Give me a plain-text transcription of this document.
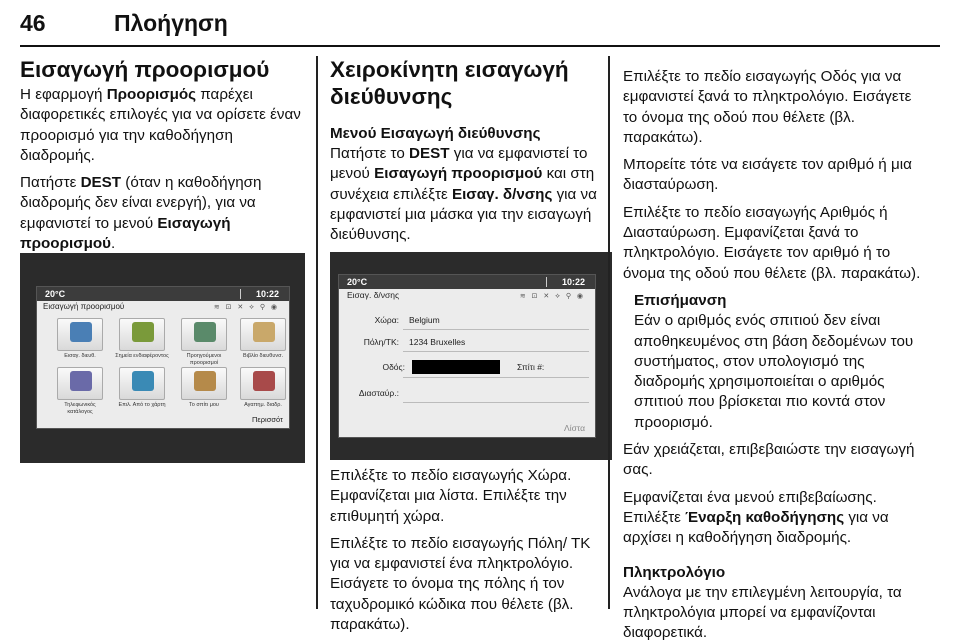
46	Πλοήγηση
Εισαγωγή προορισμού

Η εφαρμογή Προορισμός παρέχει διαφορετικές επιλογές για να ορίσετε έναν προορισμό για την καθοδήγηση διαδρομής.

Πατήστε DEST (όταν η καθοδήγηση διαδρομής δεν είναι ενεργή), για να εμφανιστεί το μενού Εισαγωγή προορισμού.

20°C	10:22
Εισαγωγή προορισμού	≋ ⊡ ✕ ⟡ ⚲ ◉
Εισαγ. διευθ.	Σημεία ενδιαφέροντος	Προηγούμενοι προορισμοί
Βιβλίο διευθυνσ.
Τηλεφωνικός κατάλογος
Επιλ. Από το χάρτη	Το σπίτι μου	Αγαπημ. διαδρ.
Περισσότ
Χειροκίνητη εισαγωγή διεύθυνσης
Μενού Εισαγωγή διεύθυνσης

Πατήστε το DEST για να εμφανιστεί το μενού Εισαγωγή προορισμού και στη συνέχεια επιλέξτε Εισαγ. δ/νσης για να εμφανιστεί μια μάσκα για την εισαγωγή διεύθυνσης.

20°C	10:22
Εισαγ. δ/νσης	≋ ⊡ ✕ ⟡ ⚲ ◉
Χώρα: Belgium
Πόλη/ΤΚ: 1234 Bruxelles
Οδός:	Σπίτι #:
Διασταύρ.:
Λίστα

Επιλέξτε το πεδίο εισαγωγής Χώρα. Εμφανίζεται μια λίστα. Επιλέξτε την επιθυμητή χώρα.

Επιλέξτε το πεδίο εισαγωγής Πόλη/ ΤΚ για να εμφανιστεί ένα πληκτρολόγιο. Εισάγετε το όνομα της πόλης ή τον ταχυδρομικό κώδικα που θέλετε (βλ. παρακάτω).

Επιλέξτε το πεδίο εισαγωγής Οδός για να εμφανιστεί ξανά το πληκτρολόγιο. Εισάγετε το όνομα της οδού που θέλετε (βλ. παρακάτω).

Μπορείτε τότε να εισάγετε τον αριθμό ή μια διασταύρωση.

Επιλέξτε το πεδίο εισαγωγής Αριθμός ή Διασταύρωση. Εμφανίζεται ξανά το πληκτρολόγιο. Εισάγετε τον αριθμό ή το όνομα της οδού που θέλετε (βλ. παρακάτω).

Επισήμανση
Εάν ο αριθμός ενός σπιτιού δεν είναι αποθηκευμένος στη βάση δεδομένων του συστήματος, στον υπολογισμό της διαδρομής χρησιμοποιείται ο αριθμός σπιτιού που βρίσκεται πιο κοντά στον προορισμό.

Εάν χρειάζεται, επιβεβαιώστε την εισαγωγή σας.

Εμφανίζεται ένα μενού επιβεβαίωσης. Επιλέξτε Έναρξη καθοδήγησης για να αρχίσει η καθοδήγηση διαδρομής.

Πληκτρολόγιο

Ανάλογα με την επιλεγμένη λειτουργία, τα πληκτρολόγια μπορεί να εμφανίζονται διαφορετικά.
